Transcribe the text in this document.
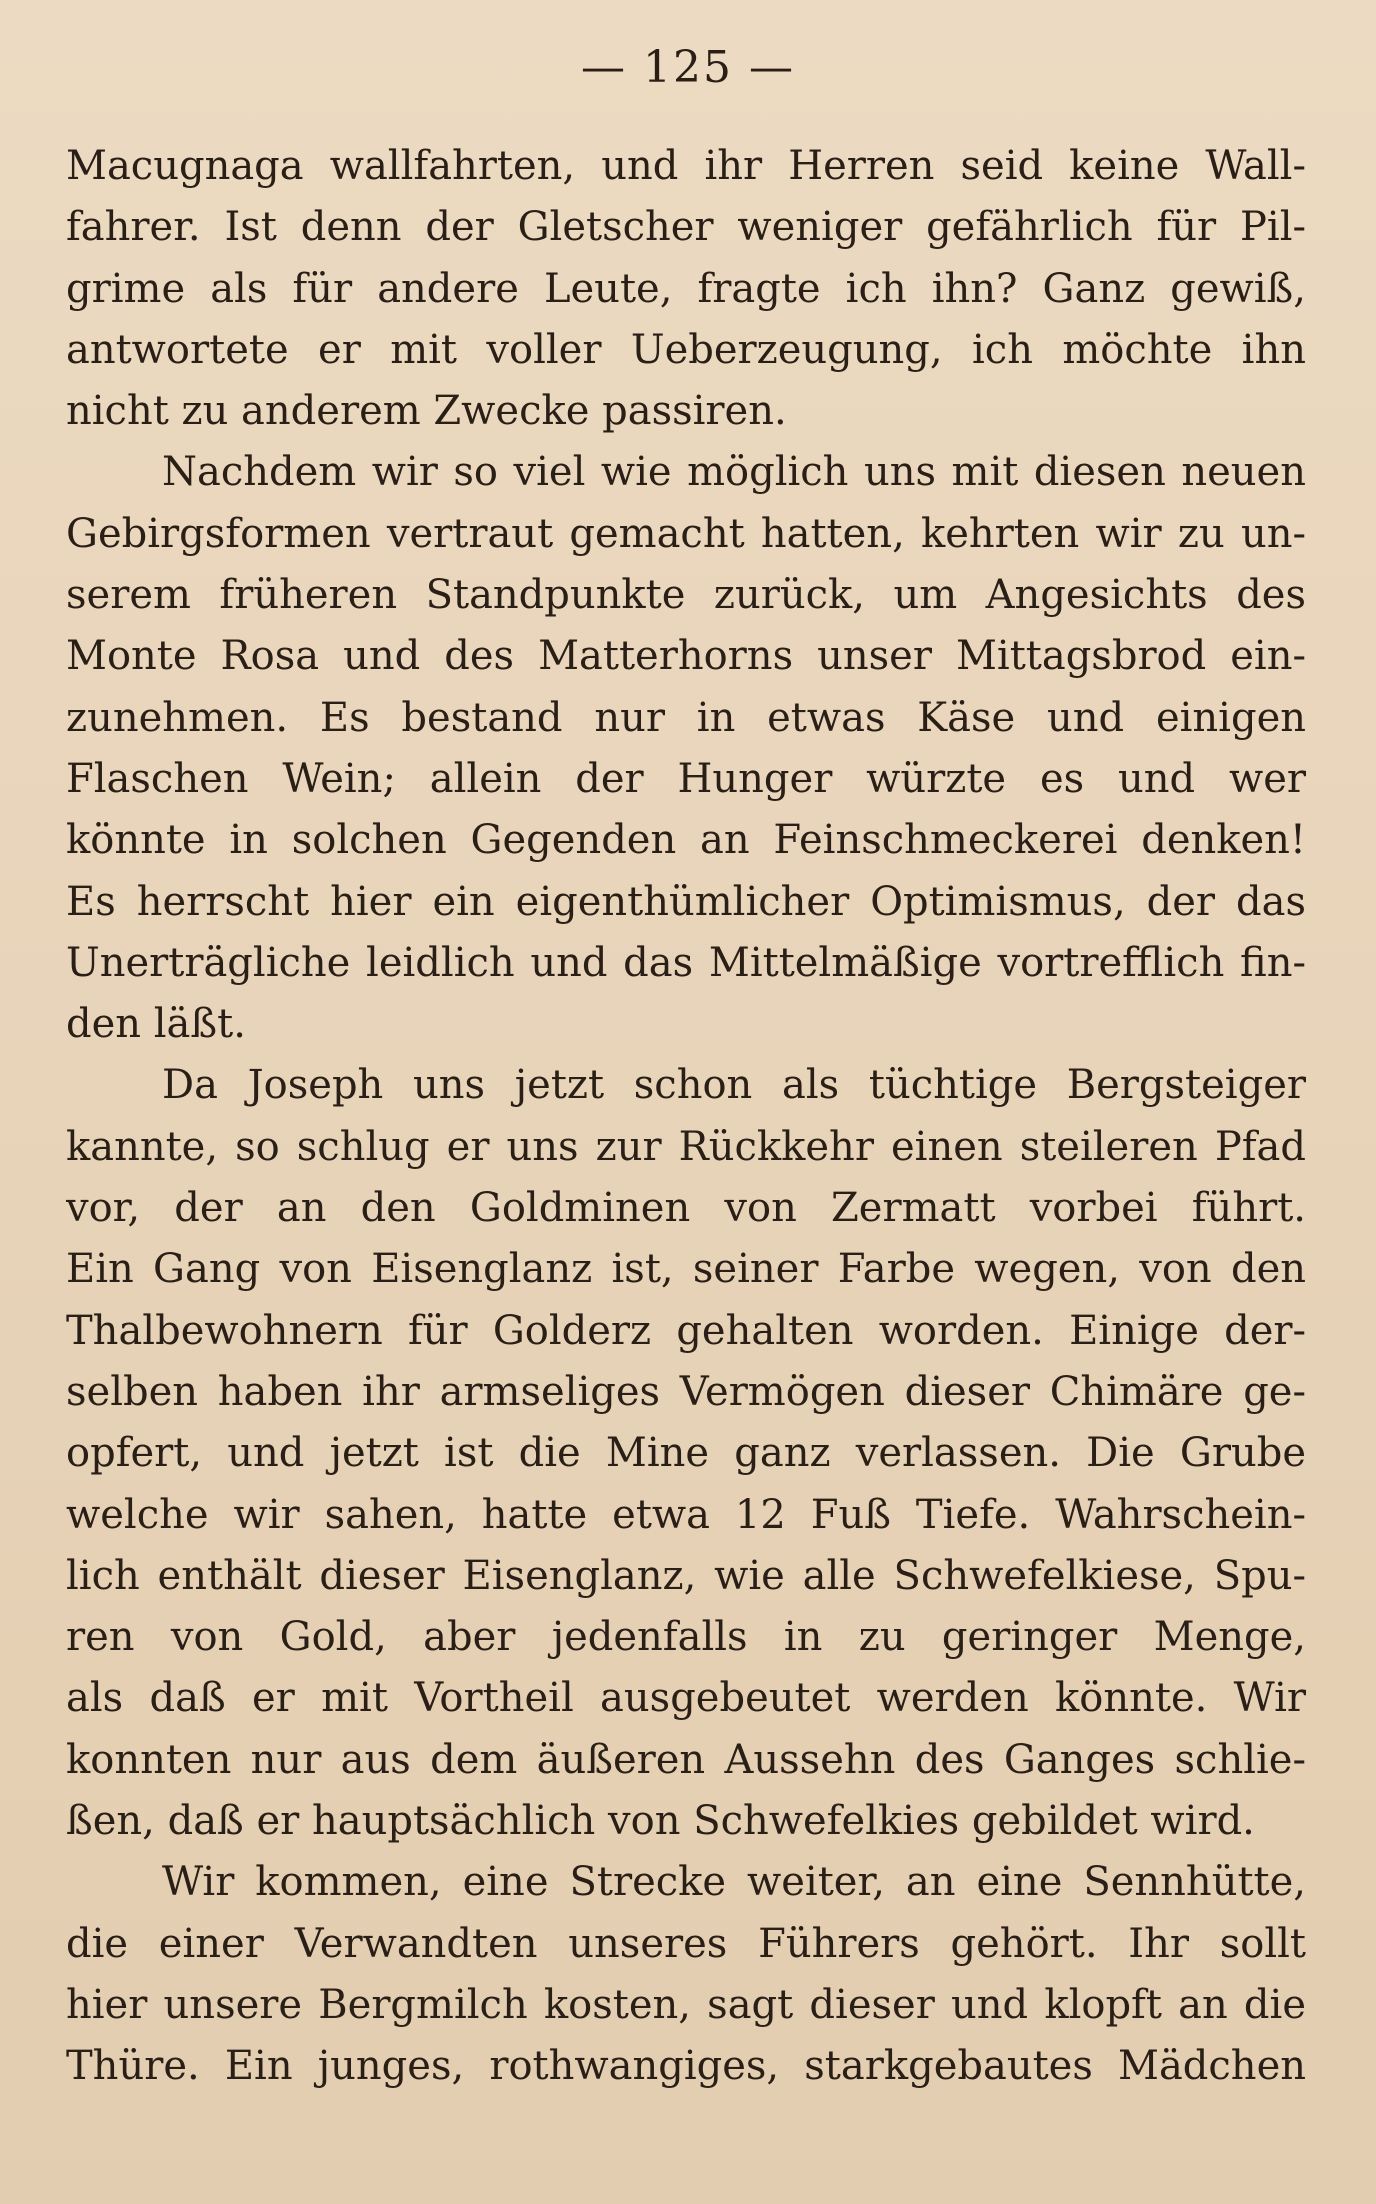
— 125 —
Macugnaga wallfahrten, und ihr Herren seid keine Wall-
fahrer. Ist denn der Gletscher weniger gefährlich für Pil-
grime als für andere Leute, fragte ich ihn? Ganz gewiß,
antwortete er mit voller Ueberzeugung, ich möchte ihn
nicht zu anderem Zwecke passiren.
Nachdem wir so viel wie möglich uns mit diesen neuen
Gebirgsformen vertraut gemacht hatten, kehrten wir zu un-
serem früheren Standpunkte zurück, um Angesichts des
Monte Rosa und des Matterhorns unser Mittagsbrod ein-
zunehmen. Es bestand nur in etwas Käse und einigen
Flaschen Wein; allein der Hunger würzte es und wer
könnte in solchen Gegenden an Feinschmeckerei denken!
Es herrscht hier ein eigenthümlicher Optimismus, der das
Unerträgliche leidlich und das Mittelmäßige vortrefflich fin-
den läßt.
Da Joseph uns jetzt schon als tüchtige Bergsteiger
kannte, so schlug er uns zur Rückkehr einen steileren Pfad
vor, der an den Goldminen von Zermatt vorbei führt.
Ein Gang von Eisenglanz ist, seiner Farbe wegen, von den
Thalbewohnern für Golderz gehalten worden. Einige der-
selben haben ihr armseliges Vermögen dieser Chimäre ge-
opfert, und jetzt ist die Mine ganz verlassen. Die Grube
welche wir sahen, hatte etwa 12 Fuß Tiefe. Wahrschein-
lich enthält dieser Eisenglanz, wie alle Schwefelkiese, Spu-
ren von Gold, aber jedenfalls in zu geringer Menge,
als daß er mit Vortheil ausgebeutet werden könnte. Wir
konnten nur aus dem äußeren Aussehn des Ganges schlie-
ßen, daß er hauptsächlich von Schwefelkies gebildet wird.
Wir kommen, eine Strecke weiter, an eine Sennhütte,
die einer Verwandten unseres Führers gehört. Ihr sollt
hier unsere Bergmilch kosten, sagt dieser und klopft an die
Thüre. Ein junges, rothwangiges, starkgebautes Mädchen
